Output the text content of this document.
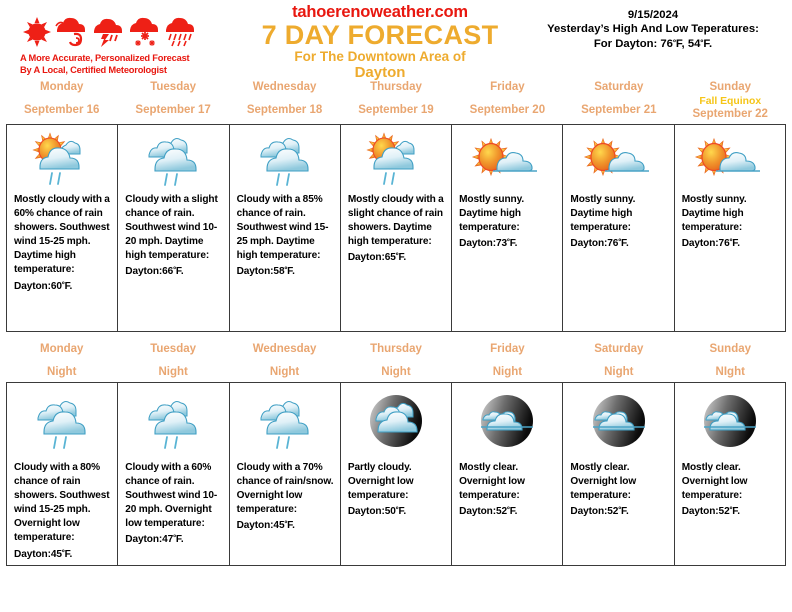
A More Accurate, Personalized Forecast
By A Local, Certified Meteorologist
tahoerenoweather.com
7 DAY FORECAST
For The Downtown Area of
Dayton
9/15/2024
Yesterday’s High And Low Teperatures:
For Dayton: $76^ºF$, $54^ºF$.
Monday
September 16
Tuesday
September 17
Wednesday
September 18
Thursday
September 19
Friday
September 20
Saturday
September 21
Sunday
Fall Equinox
September 22
Mostly cloudy with a 60% chance of rain showers. Southwest wind 15-25 mph. Daytime high temperature: $Dayton:60^ºF$.
Cloudy with a slight chance of rain. Southwest wind 10-20 mph. Daytime high temperature: $Dayton:66^ºF$.
Cloudy with a 85% chance of rain. Southwest wind 15-25 mph. Daytime high temperature: $Dayton:58^ºF$.
Mostly cloudy with a slight chance of rain showers. Daytime high temperature: $Dayton:65^ºF$.
Mostly sunny. Daytime high temperature: $Dayton:73^ºF$.
Mostly sunny. Daytime high temperature: $Dayton:76^ºF$.
Mostly sunny. Daytime high temperature: $Dayton:76^ºF$.
Monday
Night
Tuesday
Night
Wednesday
Night
Thursday
Night
Friday
Night
Saturday
Night
Sunday
NIght
Cloudy with a 80% chance of rain showers. Southwest wind 15-25 mph. Overnight low temperature: $Dayton:45^ºF$.
Cloudy with a 60% chance of rain. Southwest wind 10-20 mph. Overnight low temperature: $Dayton:47^ºF$.
Cloudy with a 70% chance of rain/snow. Overnight low temperature: $Dayton:45^ºF$.
Partly cloudy. Overnight low temperature: $Dayton:50^ºF$.
Mostly clear. Overnight low temperature: $Dayton:52^ºF$.
Mostly clear. Overnight low temperature: $Dayton:52^ºF$.
Mostly clear. Overnight low temperature: $Dayton:52^ºF$.
